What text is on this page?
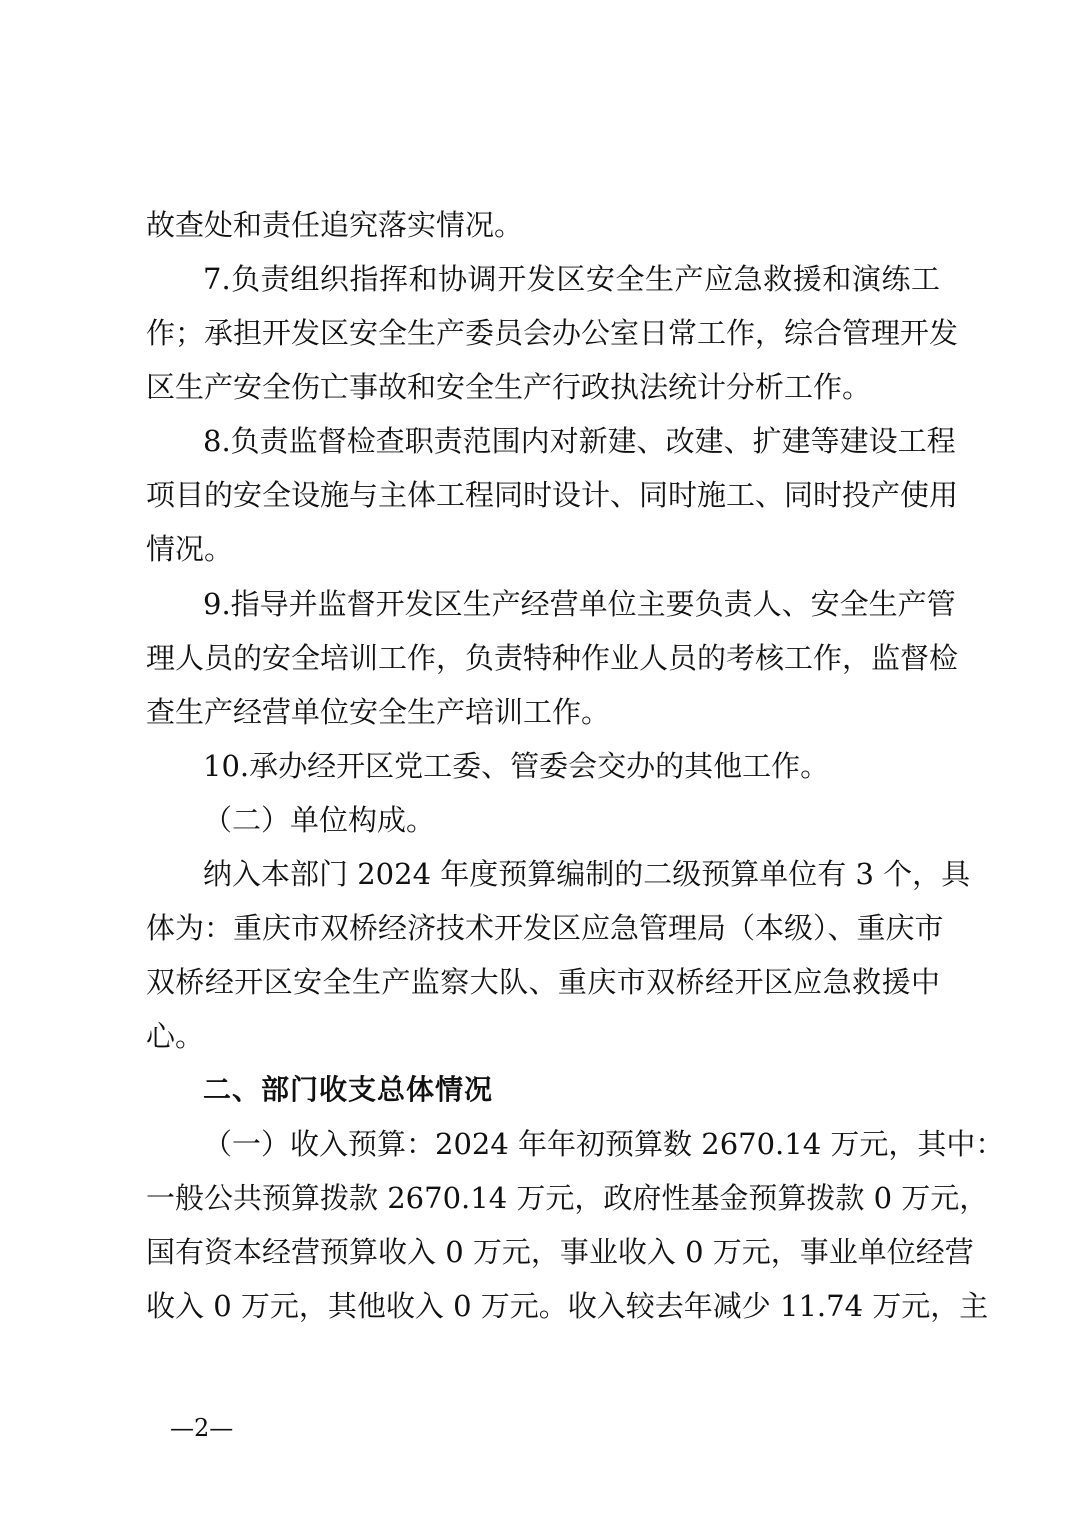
故查处和责任追究落实情况。
7.负责组织指挥和协调开发区安全生产应急救援和演练工
作；承担开发区安全生产委员会办公室日常工作，综合管理开发
区生产安全伤亡事故和安全生产行政执法统计分析工作。
8.负责监督检查职责范围内对新建、改建、扩建等建设工程
项目的安全设施与主体工程同时设计、同时施工、同时投产使用
情况。
9.指导并监督开发区生产经营单位主要负责人、安全生产管
理人员的安全培训工作，负责特种作业人员的考核工作，监督检
查生产经营单位安全生产培训工作。
10.承办经开区党工委、管委会交办的其他工作。
（二）单位构成。
纳入本部门 2024 年度预算编制的二级预算单位有 3 个，具
体为：重庆市双桥经济技术开发区应急管理局（本级）、重庆市
双桥经开区安全生产监察大队、重庆市双桥经开区应急救援中
心。
二、部门收支总体情况
（一）收入预算：2024 年年初预算数 2670.14 万元，其中：
一般公共预算拨款 2670.14 万元，政府性基金预算拨款 0 万元，
国有资本经营预算收入 0 万元，事业收入 0 万元，事业单位经营
收入 0 万元，其他收入 0 万元。收入较去年减少 11.74 万元，主
—2—
